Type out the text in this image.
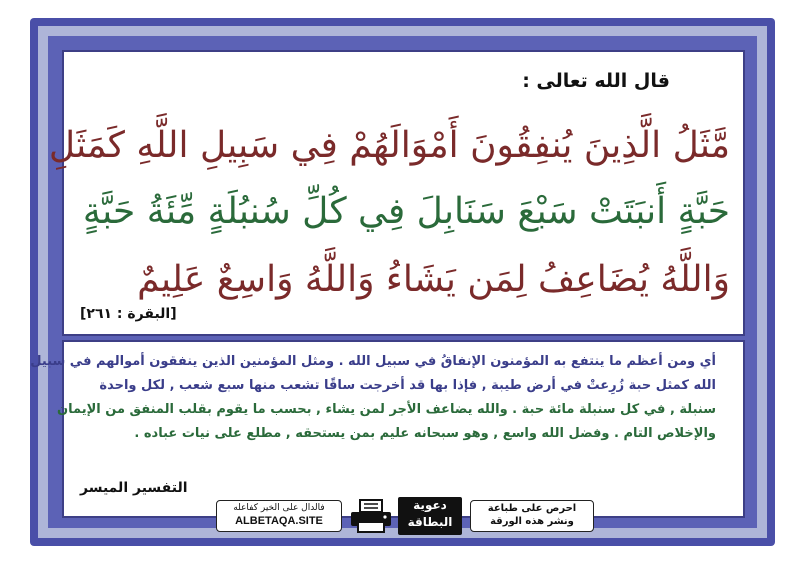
قال الله تعالى :
مَّثَلُ الَّذِينَ يُنفِقُونَ أَمْوَالَهُمْ فِي سَبِيلِ اللَّهِ كَمَثَلِ
حَبَّةٍ أَنبَتَتْ سَبْعَ سَنَابِلَ فِي كُلِّ سُنبُلَةٍ مِّئَةُ حَبَّةٍ
وَاللَّهُ يُضَاعِفُ لِمَن يَشَاءُ وَاللَّهُ وَاسِعٌ عَلِيمٌ
[البقرة : ٢٦١]
أي ومن أعظم ما ينتفع به المؤمنون الإنفاقُ في سبيل الله . ومثل المؤمنين الذين ينفقون أموالهم في سبيل
الله كمثل حبة زُرِعتْ في أرض طيبة , فإذا بها قد أخرجت ساقًا تشعب منها سبع شعب , لكل واحدة
سنبلة , في كل سنبلة مائة حبة . والله يضاعف الأجر لمن يشاء , بحسب ما يقوم بقلب المنفق من الإيمان
والإخلاص التام . وفضل الله واسع , وهو سبحانه عليم بمن يستحقه , مطلع على نيات عباده .
التفسير الميسر
فالدال على الخير كفاعله
ALBETAQA.SITE
دعوية
البطاقة
احرص على طباعة
ونشر هذه الورقة
